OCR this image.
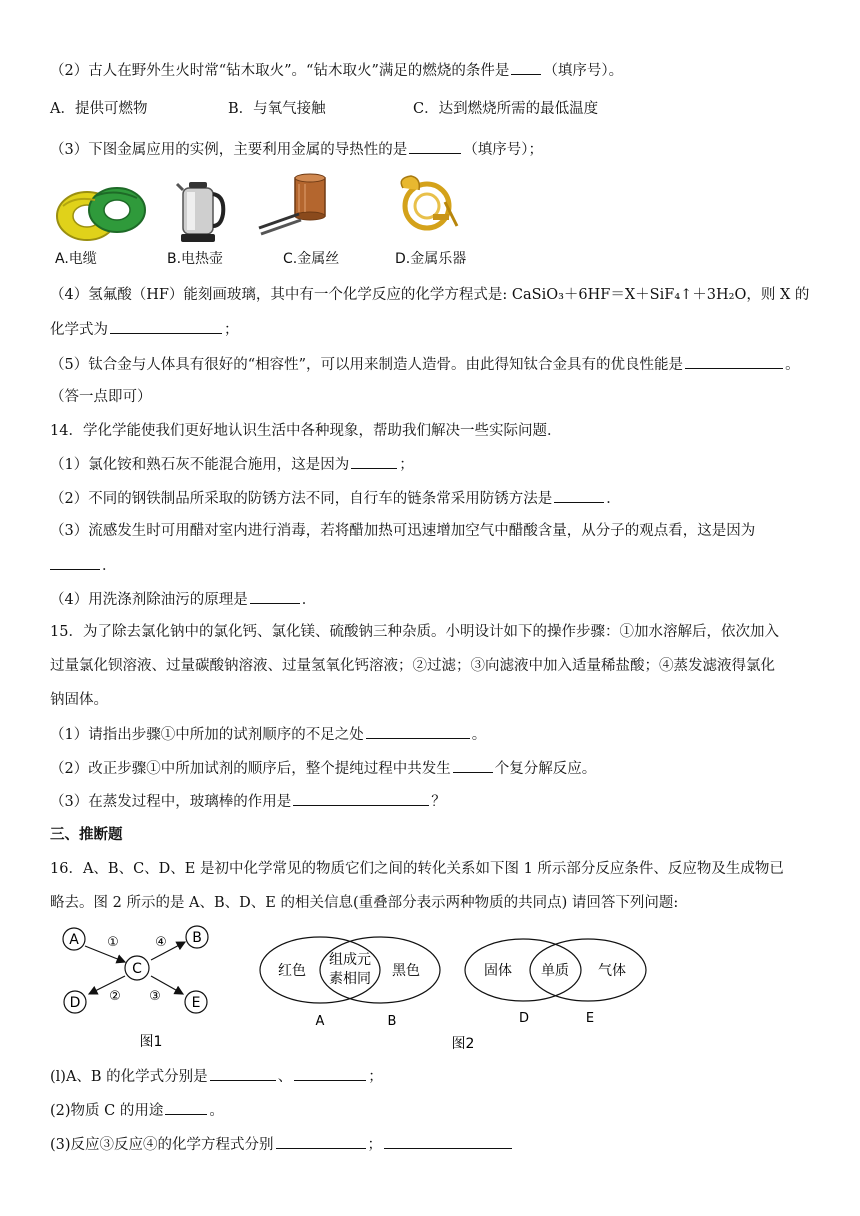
（2）古人在野外生火时常“钻木取火”。“钻木取火”满足的燃烧的条件是 （填序号）。
A．提供可燃物	B．与氧气接触	C．达到燃烧所需的最低温度
（3）下图金属应用的实例，主要利用金属的导热性的是	（填序号）；
A.电缆	B.电热壶	C.金属丝	D.金属乐器
（4）氢氟酸（HF）能刻画玻璃，其中有一个化学反应的化学方程式是: CaSiO₃＋6HF＝X＋SiF₄↑＋3H₂O，则 X 的
化学式为	；
（5）钛合金与人体具有很好的“相容性”，可以用来制造人造骨。由此得知钛合金具有的优良性能是	。
（答一点即可）
14．学化学能使我们更好地认识生活中各种现象，帮助我们解决一些实际问题．
（1）氯化铵和熟石灰不能混合施用，这是因为	；
（2）不同的钢铁制品所采取的防锈方法不同，自行车的链条常采用防锈方法是	．
（3）流感发生时可用醋对室内进行消毒，若将醋加热可迅速增加空气中醋酸含量，从分子的观点看，这是因为
．
（4）用洗涤剂除油污的原理是	．
15．为了除去氯化钠中的氯化钙、氯化镁、硫酸钠三种杂质。小明设计如下的操作步骤：①加水溶解后，依次加入
过量氯化钡溶液、过量碳酸钠溶液、过量氢氧化钙溶液；②过滤；③向滤液中加入适量稀盐酸；④蒸发滤液得氯化
钠固体。
（1）请指出步骤①中所加的试剂顺序的不足之处	。
（2）改正步骤①中所加试剂的顺序后，整个提纯过程中共发生	个复分解反应。
（3）在蒸发过程中，玻璃棒的作用是	？
三、推断题
16．A、B、C、D、E 是初中化学常见的物质它们之间的转化关系如下图 1 所示部分反应条件、反应物及生成物已
略去。图 2 所示的是 A、B、D、E 的相关信息(重叠部分表示两种物质的共同点) 请回答下列问题:
A	B
C
D	E
①	④
② ③
图1
红色
组成元
素相同 黑色
A	B
固体 单质 气体
D	E
图2
(l)A、B 的化学式分别是	、	；
(2)物质 C 的用途	。
(3)反应③反应④的化学方程式分别	；
